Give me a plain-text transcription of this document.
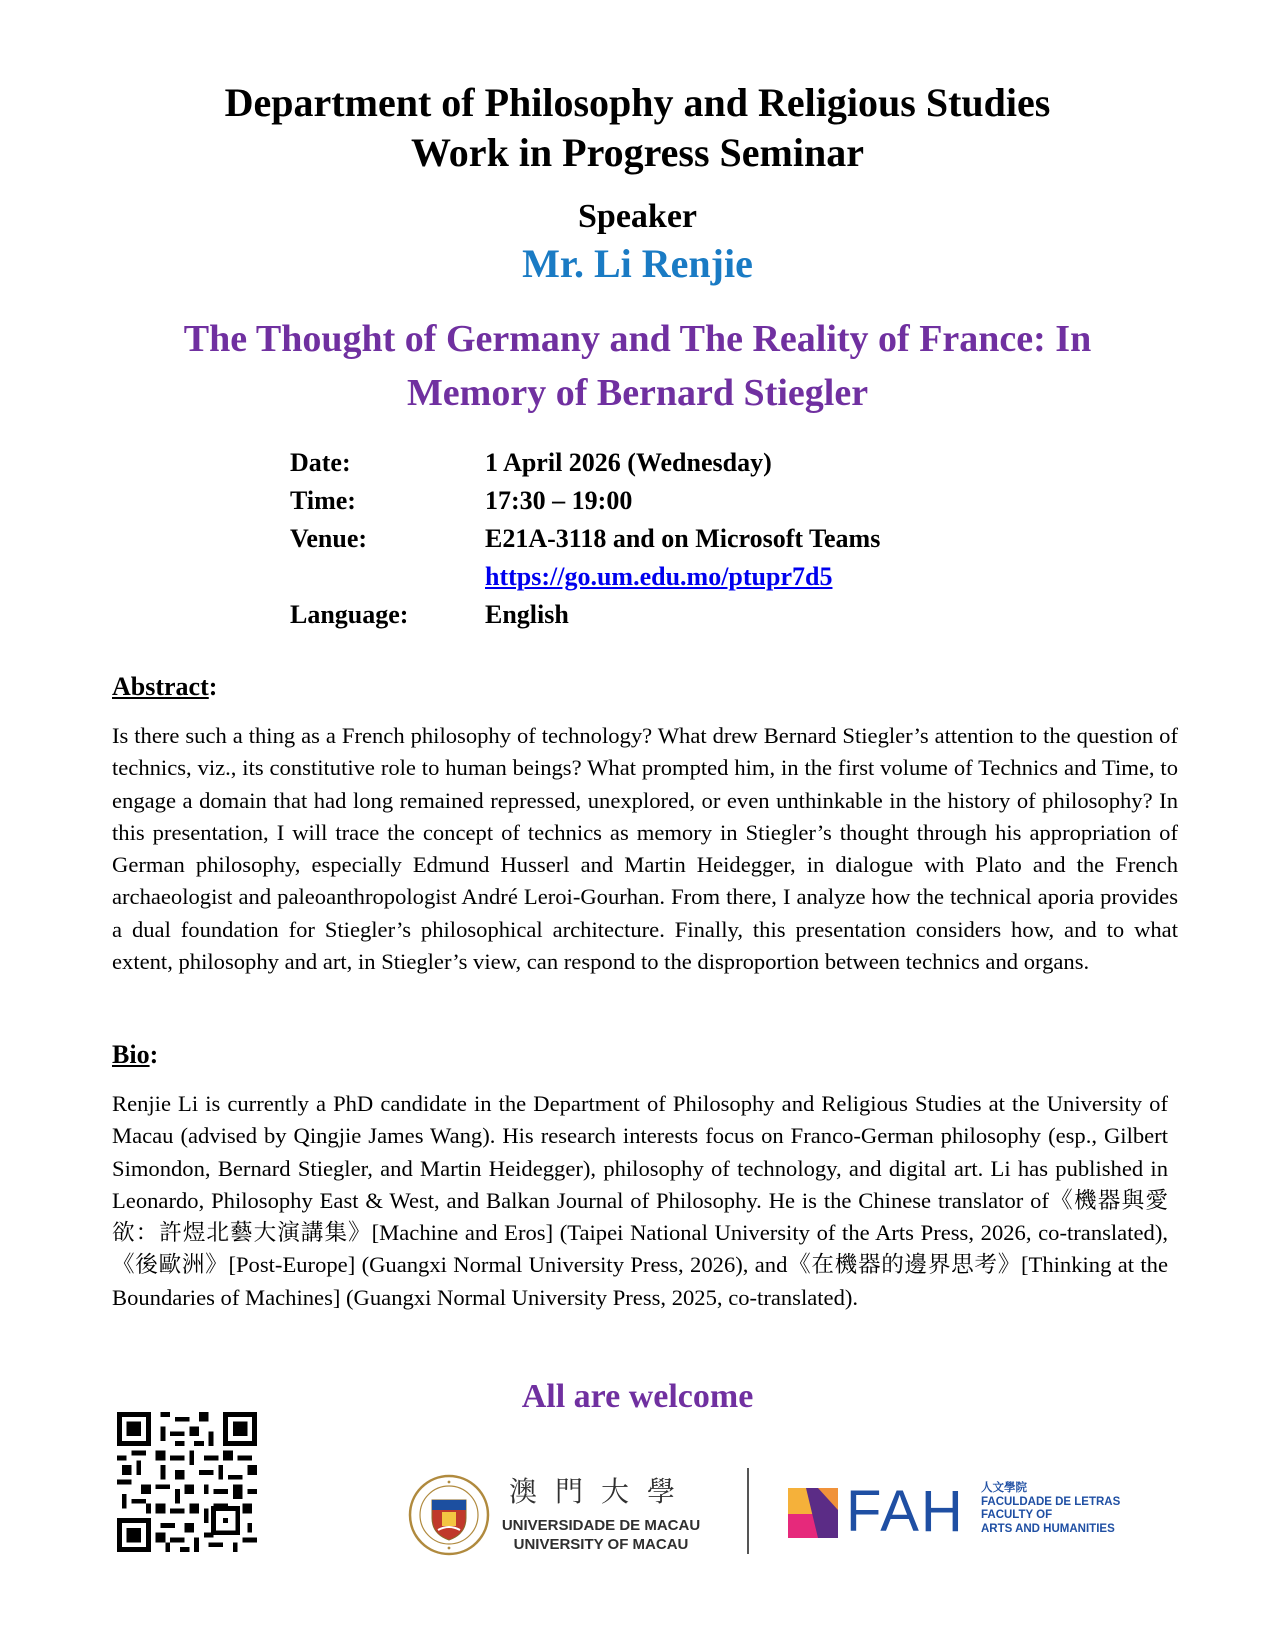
Department of Philosophy and Religious Studies
Work in Progress Seminar
Speaker
Mr. Li Renjie
The Thought of Germany and The Reality of France: In Memory of Bernard Stiegler
Date:	1 April 2026 (Wednesday)
Time:	17:30 – 19:00
Venue:	E21A-3118 and on Microsoft Teams
https://go.um.edu.mo/ptupr7d5
Language:	English
Abstract:
Is there such a thing as a French philosophy of technology? What drew Bernard Stiegler’s attention to the question of technics, viz., its constitutive role to human beings? What prompted him, in the first volume of Technics and Time, to engage a domain that had long remained repressed, unexplored, or even unthinkable in the history of philosophy? In this presentation, I will trace the concept of technics as memory in Stiegler’s thought through his appropriation of German philosophy, especially Edmund Husserl and Martin Heidegger, in dialogue with Plato and the French archaeologist and paleoanthropologist André Leroi-Gourhan. From there, I analyze how the technical aporia provides a dual foundation for Stiegler’s philosophical architecture. Finally, this presentation considers how, and to what extent, philosophy and art, in Stiegler’s view, can respond to the disproportion between technics and organs.
Bio:
Renjie Li is currently a PhD candidate in the Department of Philosophy and Religious Studies at the University of Macau (advised by Qingjie James Wang). His research interests focus on Franco-German philosophy (esp., Gilbert Simondon, Bernard Stiegler, and Martin Heidegger), philosophy of technology, and digital art. Li has published in Leonardo, Philosophy East & West, and Balkan Journal of Philosophy. He is the Chinese translator of《機器與愛欲：許煜北藝大演講集》[Machine and Eros] (Taipei National University of the Arts Press, 2026, co-translated),《後歐洲》[Post-Europe] (Guangxi Normal University Press, 2026), and《在機器的邊界思考》[Thinking at the Boundaries of Machines] (Guangxi Normal University Press, 2025, co-translated).
All are welcome
澳門大學
UNIVERSIDADE DE MACAU
UNIVERSITY OF MACAU
FAH 人文學院
FACULDADE DE LETRAS
FACULTY OF
ARTS AND HUMANITIES
